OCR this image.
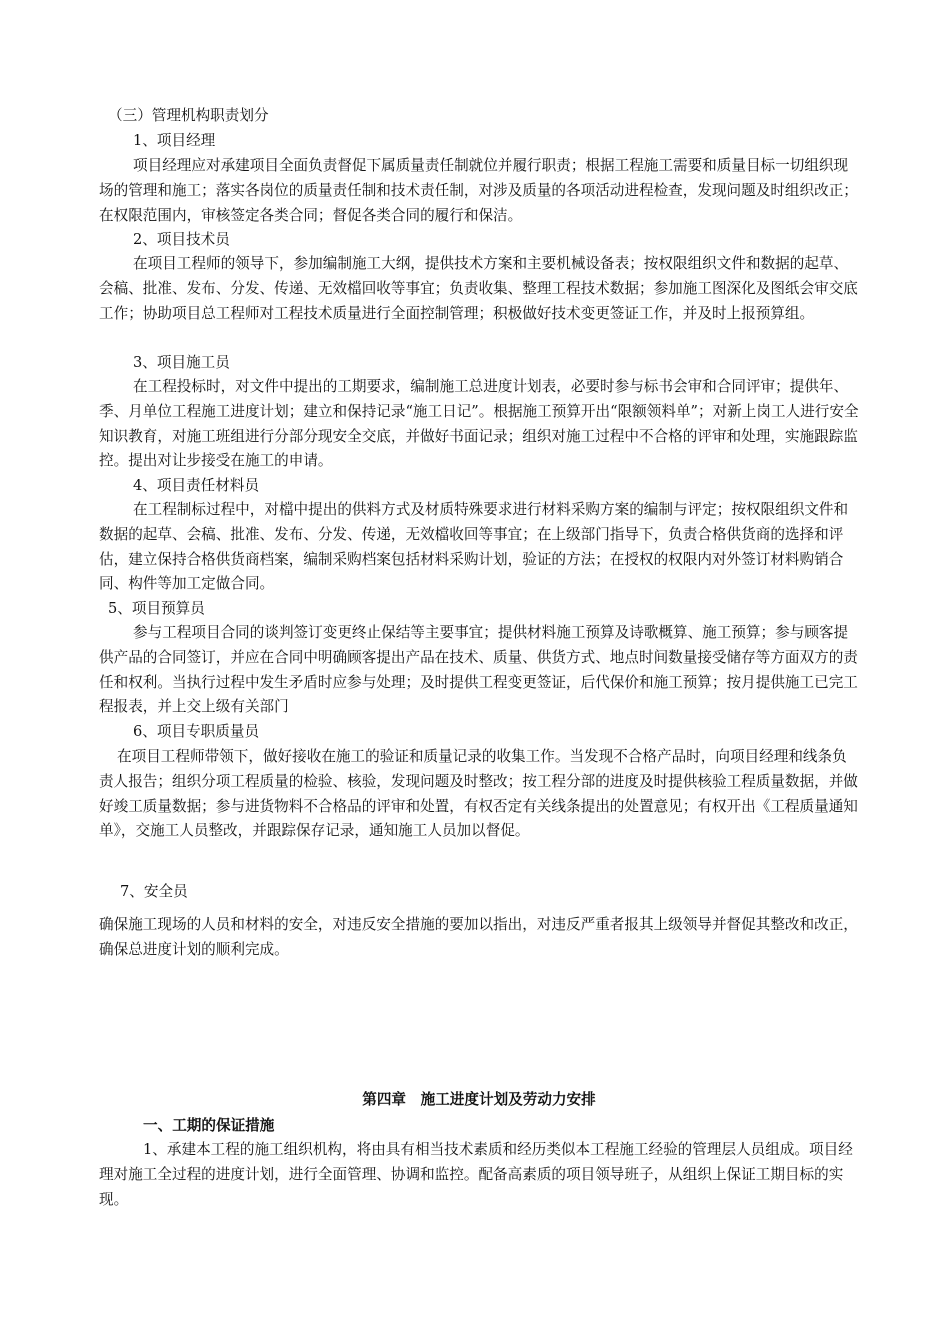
（三）管理机构职责划分

1、项目经理

项目经理应对承建项目全面负责督促下属质量责任制就位并履行职责；根据工程施工需要和质量目标一切组织现场的管理和施工；落实各岗位的质量责任制和技术责任制，对涉及质量的各项活动进程检查，发现问题及时组织改正；在权限范围内，审核签定各类合同；督促各类合同的履行和保洁。

2、项目技术员

在项目工程师的领导下，参加编制施工大纲，提供技术方案和主要机械设备表；按权限组织文件和数据的起草、会稿、批准、发布、分发、传递、无效檔回收等事宜；负责收集、整理工程技术数据；参加施工图深化及图纸会审交底工作；协助项目总工程师对工程技术质量进行全面控制管理；积极做好技术变更签证工作，并及时上报预算组。

3、项目施工员

在工程投标时，对文件中提出的工期要求，编制施工总进度计划表，必要时参与标书会审和合同评审；提供年、季、月单位工程施工进度计划；建立和保持记录“施工日记”。根据施工预算开出“限额领料单”；对新上岗工人进行安全知识教育，对施工班组进行分部分现安全交底，并做好书面记录；组织对施工过程中不合格的评审和处理，实施跟踪监控。提出对让步接受在施工的申请。

4、项目责任材料员

在工程制标过程中，对檔中提出的供料方式及材质特殊要求进行材料采购方案的编制与评定；按权限组织文件和数据的起草、会稿、批准、发布、分发、传递，无效檔收回等事宜；在上级部门指导下，负责合格供货商的选择和评估，建立保持合格供货商档案，编制采购档案包括材料采购计划，验证的方法；在授权的权限内对外签订材料购销合同、构件等加工定做合同。

5、项目预算员

参与工程项目合同的谈判签订变更终止保结等主要事宜；提供材料施工预算及诗歌概算、施工预算；参与顾客提供产品的合同签订，并应在合同中明确顾客提出产品在技术、质量、供货方式、地点时间数量接受储存等方面双方的责任和权利。当执行过程中发生矛盾时应参与处理；及时提供工程变更签证，后代保价和施工预算；按月提供施工已完工程报表，并上交上级有关部门

6、项目专职质量员

在项目工程师带领下，做好接收在施工的验证和质量记录的收集工作。当发现不合格产品时，向项目经理和线条负责人报告；组织分项工程质量的检验、核验，发现问题及时整改；按工程分部的进度及时提供核验工程质量数据，并做好竣工质量数据；参与进货物料不合格品的评审和处置，有权否定有关线条提出的处置意见；有权开出《工程质量通知单》，交施工人员整改，并跟踪保存记录，通知施工人员加以督促。

7、安全员

确保施工现场的人员和材料的安全，对违反安全措施的要加以指出，对违反严重者报其上级领导并督促其整改和改正，确保总进度计划的顺利完成。

第四章　施工进度计划及劳动力安排

一、工期的保证措施

1、承建本工程的施工组织机构，将由具有相当技术素质和经历类似本工程施工经验的管理层人员组成。项目经理对施工全过程的进度计划，进行全面管理、协调和监控。配备高素质的项目领导班子，从组织上保证工期目标的实现。
